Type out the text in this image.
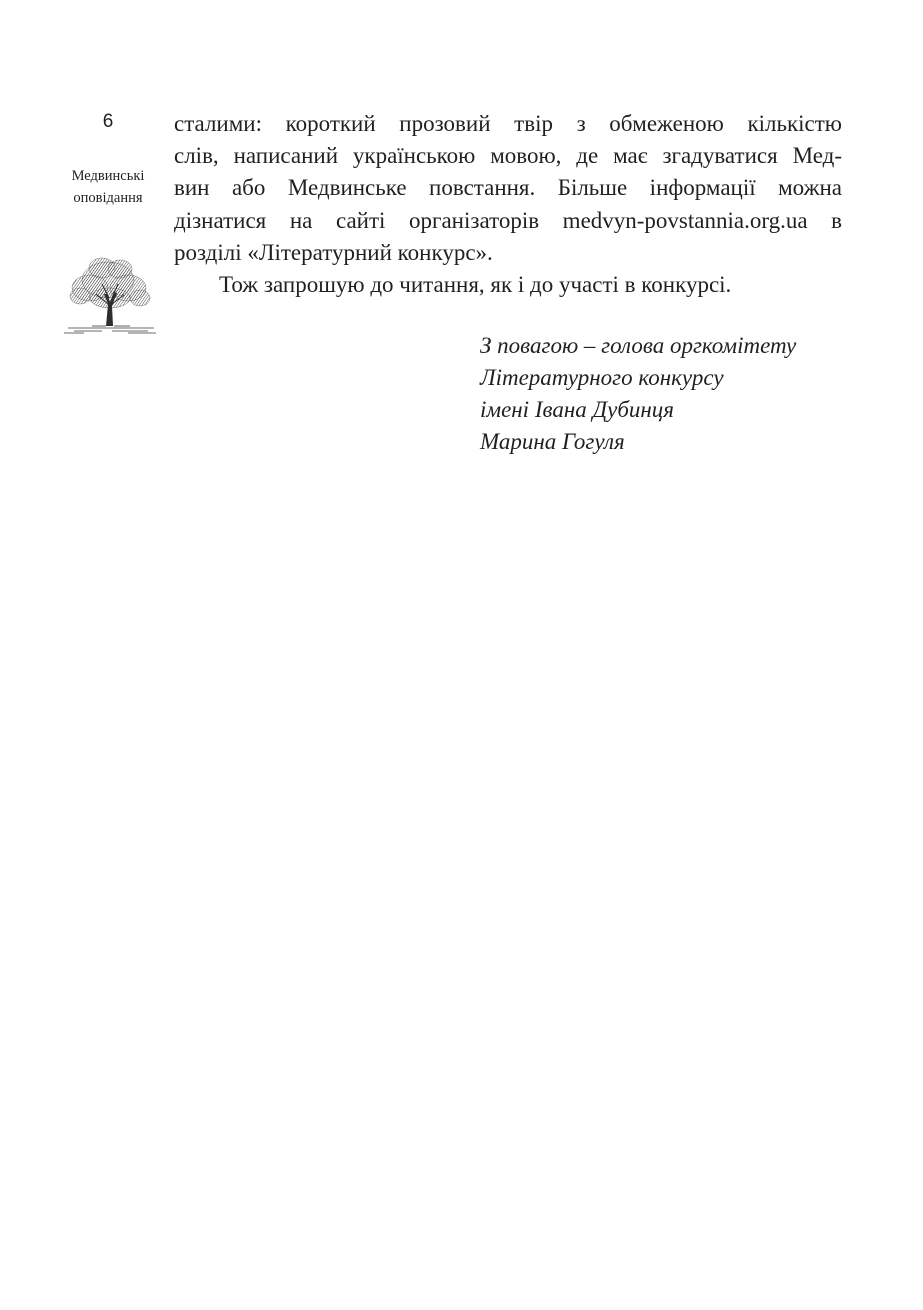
6
Медвинські
оповідання
сталими: короткий прозовий твір з обмеженою кількістю
слів, написаний українською мовою, де має згадуватися Мед-
вин або Медвинське повстання. Більше інформації можна
дізнатися на сайті організаторів medvyn-povstannia.org.ua в
розділі «Літературний конкурс».
Тож запрошую до читання, як і до участі в конкурсі.
З повагою – голова оргкомітету
Літературного конкурсу
імені Івана Дубинця
Марина Гогуля
